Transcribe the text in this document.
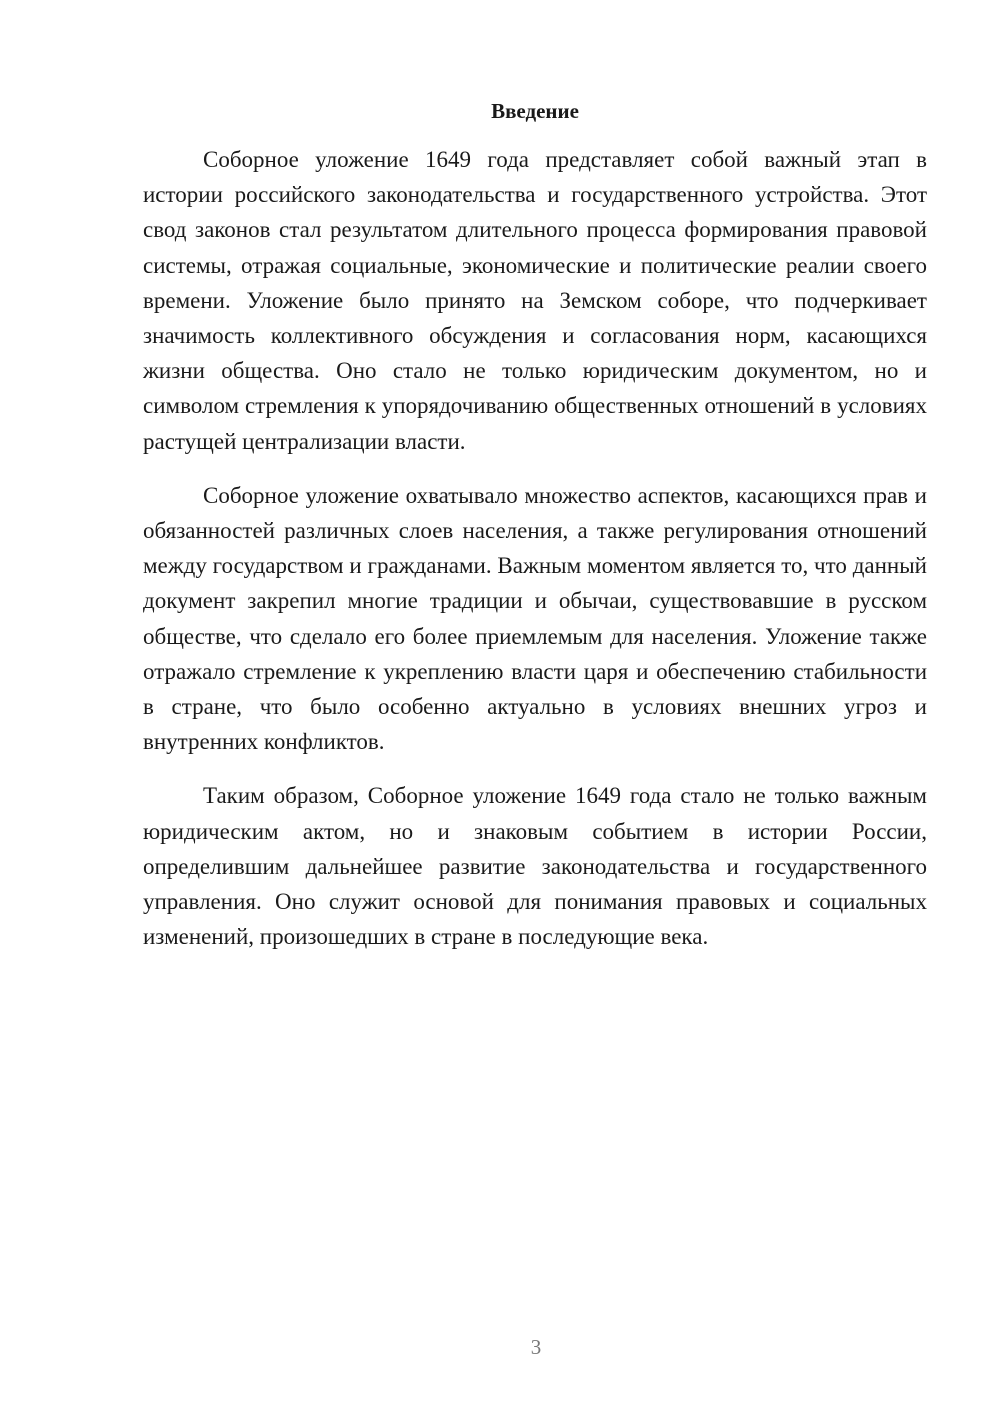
Введение

Соборное уложение 1649 года представляет собой важный этап в истории российского законодательства и государственного устройства. Этот свод законов стал результатом длительного процесса формирования правовой системы, отражая социальные, экономические и политические реалии своего времени. Уложение было принято на Земском соборе, что подчеркивает значимость коллективного обсуждения и согласования норм, касающихся жизни общества. Оно стало не только юридическим документом, но и символом стремления к упорядочиванию общественных отношений в условиях растущей централизации власти.

Соборное уложение охватывало множество аспектов, касающихся прав и обязанностей различных слоев населения, а также регулирования отношений между государством и гражданами. Важным моментом является то, что данный документ закрепил многие традиции и обычаи, существовавшие в русском обществе, что сделало его более приемлемым для населения. Уложение также отражало стремление к укреплению власти царя и обеспечению стабильности в стране, что было особенно актуально в условиях внешних угроз и внутренних конфликтов.

Таким образом, Соборное уложение 1649 года стало не только важным юридическим актом, но и знаковым событием в истории России, определившим дальнейшее развитие законодательства и государственного управления. Оно служит основой для понимания правовых и социальных изменений, произошедших в стране в последующие века.

3
